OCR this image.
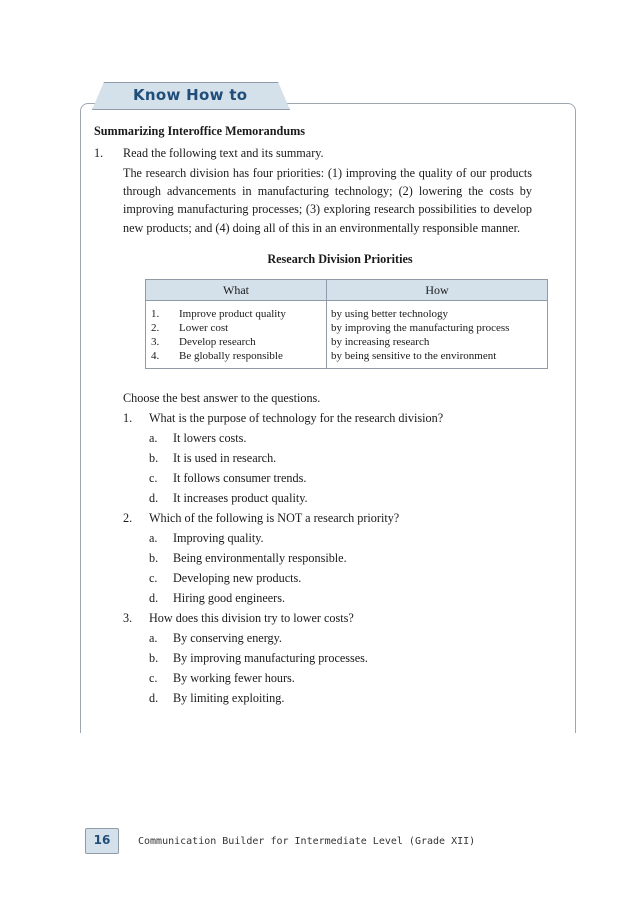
Know How to
Summarizing Interoffice Memorandums
1. Read the following text and its summary.
The research division has four priorities: (1) improving the quality of our products through advancements in manufacturing technology; (2) lowering the costs by improving manufacturing processes; (3) exploring research possibilities to develop new products; and (4) doing all of this in an environmentally responsible manner.
Research Division Priorities
What	How
1. Improve product quality	by using better technology
2. Lower cost	by improving the manufacturing process
3. Develop research	by increasing research
4. Be globally responsible	by being sensitive to the environment
Choose the best answer to the questions.
1. What is the purpose of technology for the research division?
a. It lowers costs.
b. It is used in research.
c. It follows consumer trends.
d. It increases product quality.
2. Which of the following is NOT a research priority?
a. Improving quality.
b. Being environmentally responsible.
c. Developing new products.
d. Hiring good engineers.
3. How does this division try to lower costs?
a. By conserving energy.
b. By improving manufacturing processes.
c. By working fewer hours.
d. By limiting exploiting.
16	Communication Builder for Intermediate Level (Grade XII)
